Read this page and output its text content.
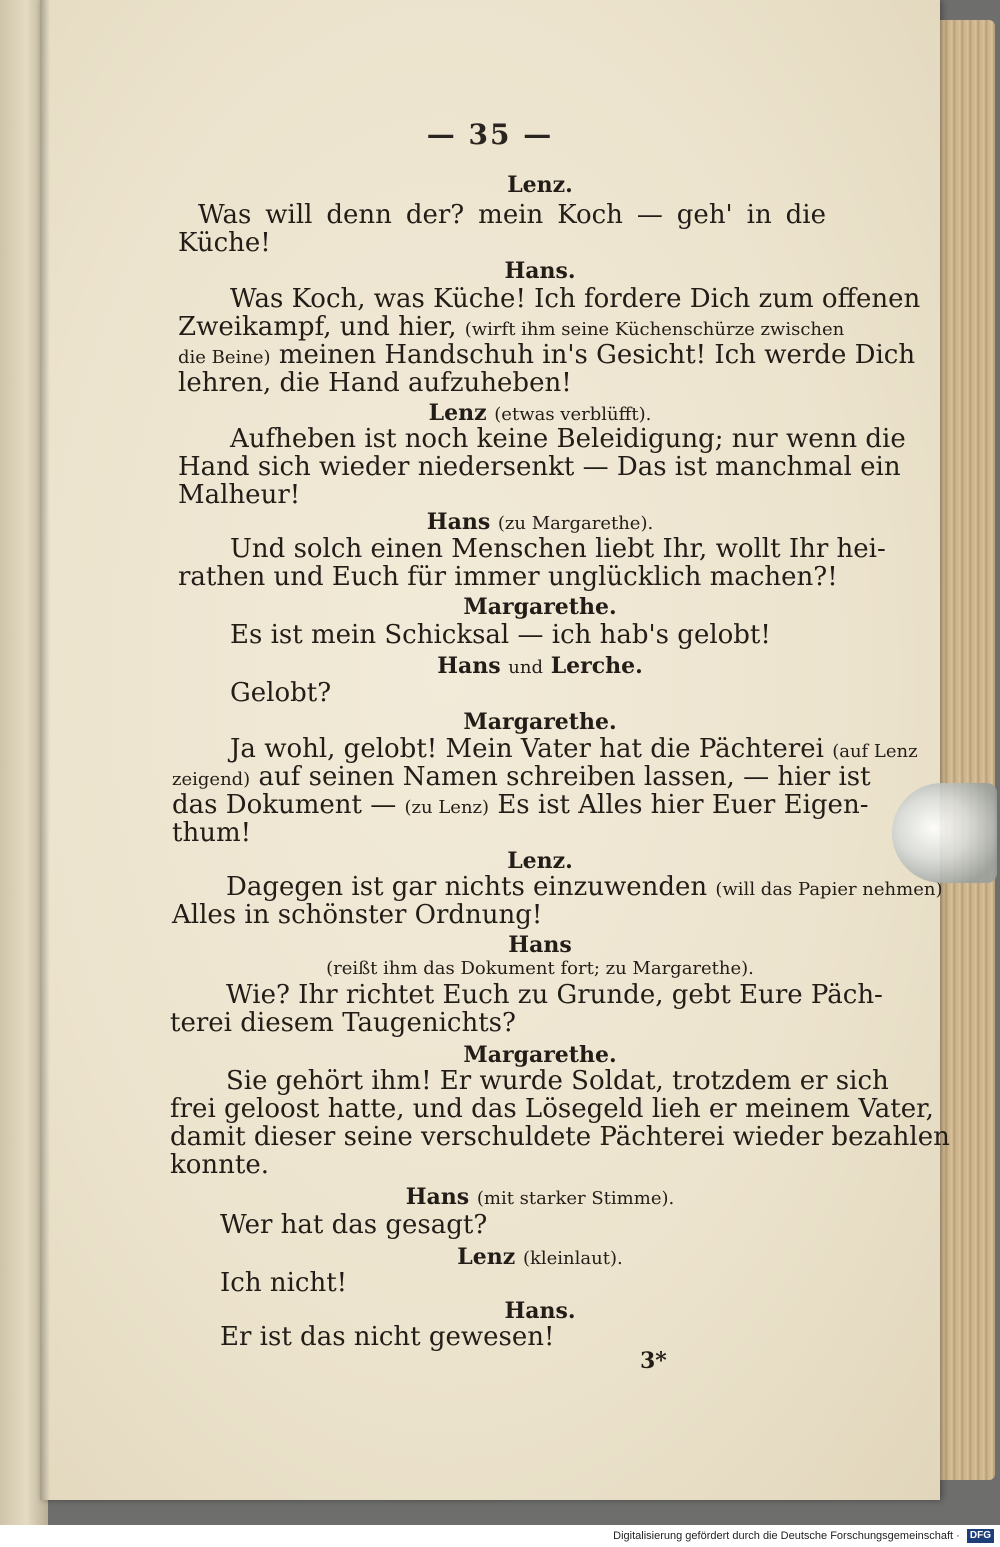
— 35 —
Lenz.
Was will denn der? mein Koch — geh' in die
Küche!
Hans.
Was Koch, was Küche! Ich fordere Dich zum offenen
Zweikampf, und hier, (wirft ihm seine Küchenschürze zwischen
die Beine) meinen Handschuh in's Gesicht! Ich werde Dich
lehren, die Hand aufzuheben!
Lenz (etwas verblüfft).
Aufheben ist noch keine Beleidigung; nur wenn die
Hand sich wieder niedersenkt — Das ist manchmal ein
Malheur!
Hans (zu Margarethe).
Und solch einen Menschen liebt Ihr, wollt Ihr hei-
rathen und Euch für immer unglücklich machen?!
Margarethe.
Es ist mein Schicksal — ich hab's gelobt!
Hans und Lerche.
Gelobt?
Margarethe.
Ja wohl, gelobt! Mein Vater hat die Pächterei (auf Lenz
zeigend) auf seinen Namen schreiben lassen, — hier ist
das Dokument — (zu Lenz) Es ist Alles hier Euer Eigen-
thum!
Lenz.
Dagegen ist gar nichts einzuwenden (will das Papier nehmen)
Alles in schönster Ordnung!
Hans
(reißt ihm das Dokument fort; zu Margarethe).
Wie? Ihr richtet Euch zu Grunde, gebt Eure Päch-
terei diesem Taugenichts?
Margarethe.
Sie gehört ihm! Er wurde Soldat, trotzdem er sich
frei geloost hatte, und das Lösegeld lieh er meinem Vater,
damit dieser seine verschuldete Pächterei wieder bezahlen
konnte.
Hans (mit starker Stimme).
Wer hat das gesagt?
Lenz (kleinlaut).
Ich nicht!
Hans.
Er ist das nicht gewesen!
3*
Digitalisierung gefördert durch die Deutsche Forschungsgemeinschaft · DFG
